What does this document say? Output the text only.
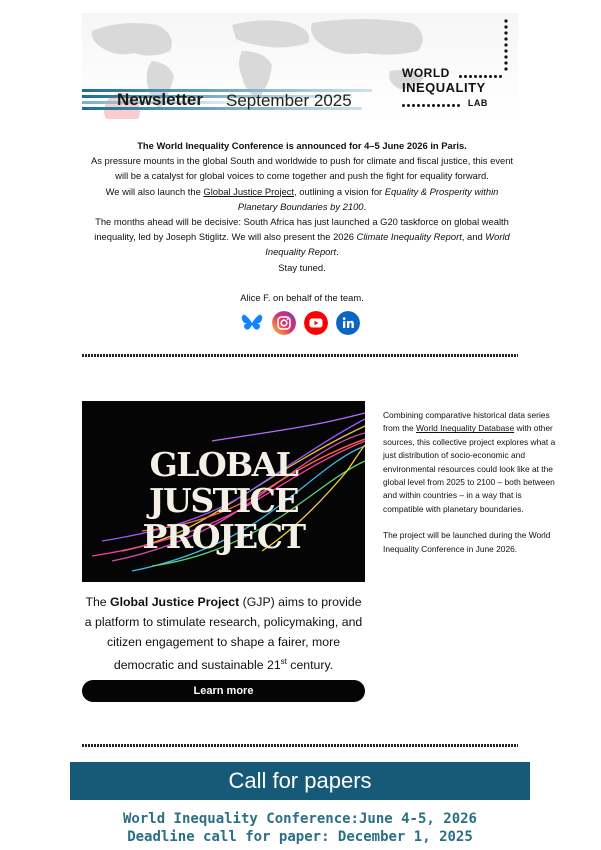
Newsletter September 2025
WORLD
INEQUALITY
LAB

The World Inequality Conference is announced for 4–5 June 2026 in Paris.

As pressure mounts in the global South and worldwide to push for climate and fiscal justice, this event will be a catalyst for global voices to come together and push the fight for equality forward.

We will also launch the Global Justice Project, outlining a vision for Equality & Prosperity within Planetary Boundaries by 2100.

The months ahead will be decisive: South Africa has just launched a G20 taskforce on global wealth inequality, led by Joseph Stiglitz. We will also present the 2026 Climate Inequality Report, and World Inequality Report.

Stay tuned.

Alice F. on behalf of the team.
GLOBAL JUSTICE
PROJECT
The Global Justice Project (GJP) aims to provide a platform to stimulate research, policymaking, and citizen engagement to shape a fairer, more democratic and sustainable 21st century.
Learn more

Combining comparative historical data series from the World Inequality Database with other sources, this collective project explores what a just distribution of socio-economic and environmental resources could look like at the global level from 2025 to 2100 – both between and within countries – in a way that is compatible with planetary boundaries.

The project will be launched during the World Inequality Conference in June 2026.

Call for papers
World Inequality Conference:June 4-5, 2026
Deadline call for paper: December 1, 2025
